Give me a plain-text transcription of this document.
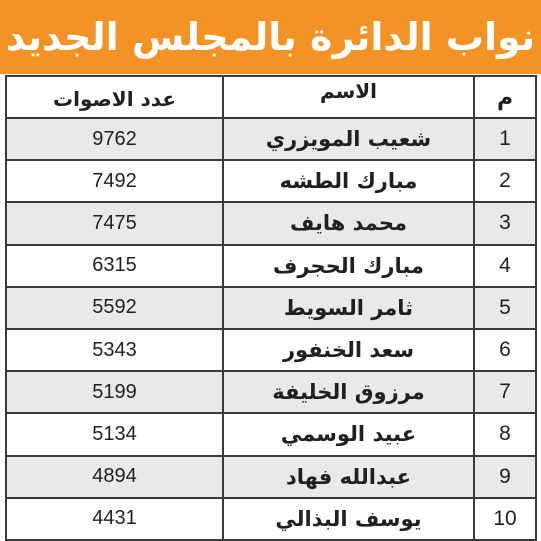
نواب الدائرة بالمجلس الجديد
م	الاسم	عدد الاصوات
1	شعيب المويزري	9762
2	مبارك الطشه	7492
3	محمد هايف	7475
4	مبارك الحجرف	6315
5	ثامر السويط	5592
6	سعد الخنفور	5343
7	مرزوق الخليفة	5199
8	عبيد الوسمي	5134
9	عبدالله فهاد	4894
10	يوسف البذالي	4431
